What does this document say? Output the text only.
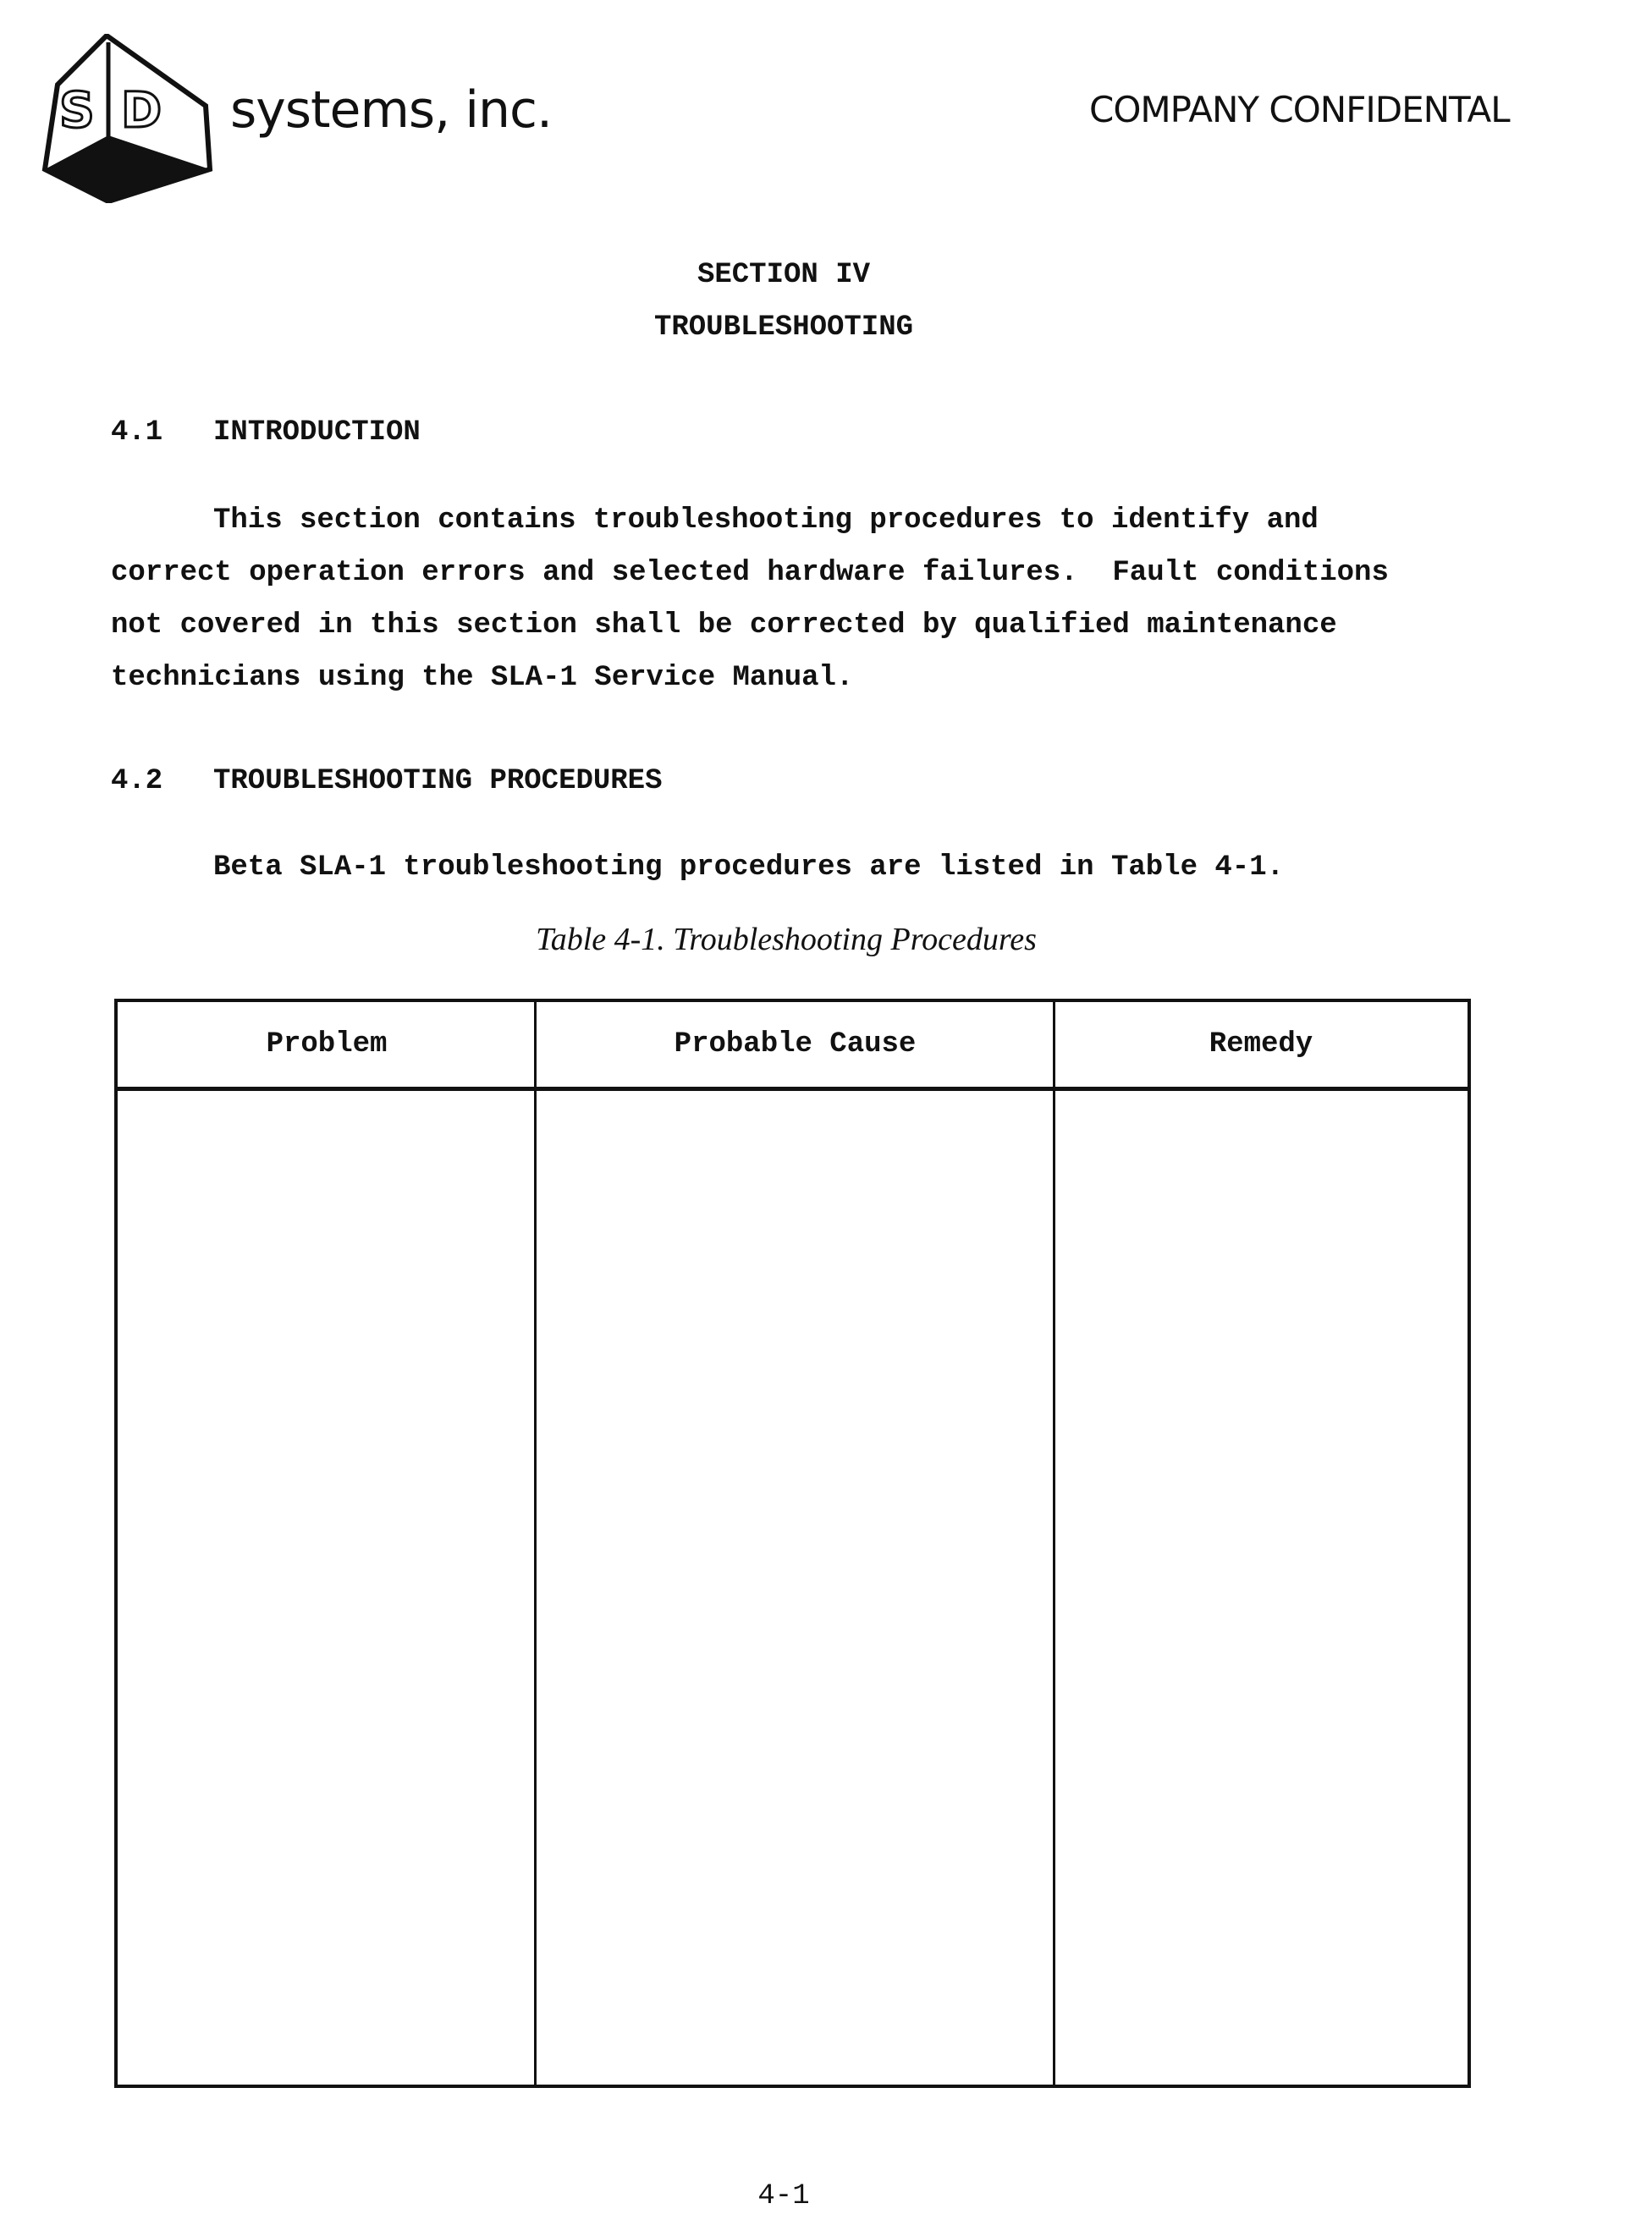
S D systems, inc.	COMPANY CONFIDENTAL
SECTION IV
TROUBLESHOOTING
4.1 INTRODUCTION
This section contains troubleshooting procedures to identify and
correct operation errors and selected hardware failures.  Fault conditions
not covered in this section shall be corrected by qualified maintenance
technicians using the SLA-1 Service Manual.
4.2 TROUBLESHOOTING PROCEDURES
Beta SLA-1 troubleshooting procedures are listed in Table 4-1.
Table 4-1. Troubleshooting Procedures
Problem	Probable Cause	Remedy
4-1
